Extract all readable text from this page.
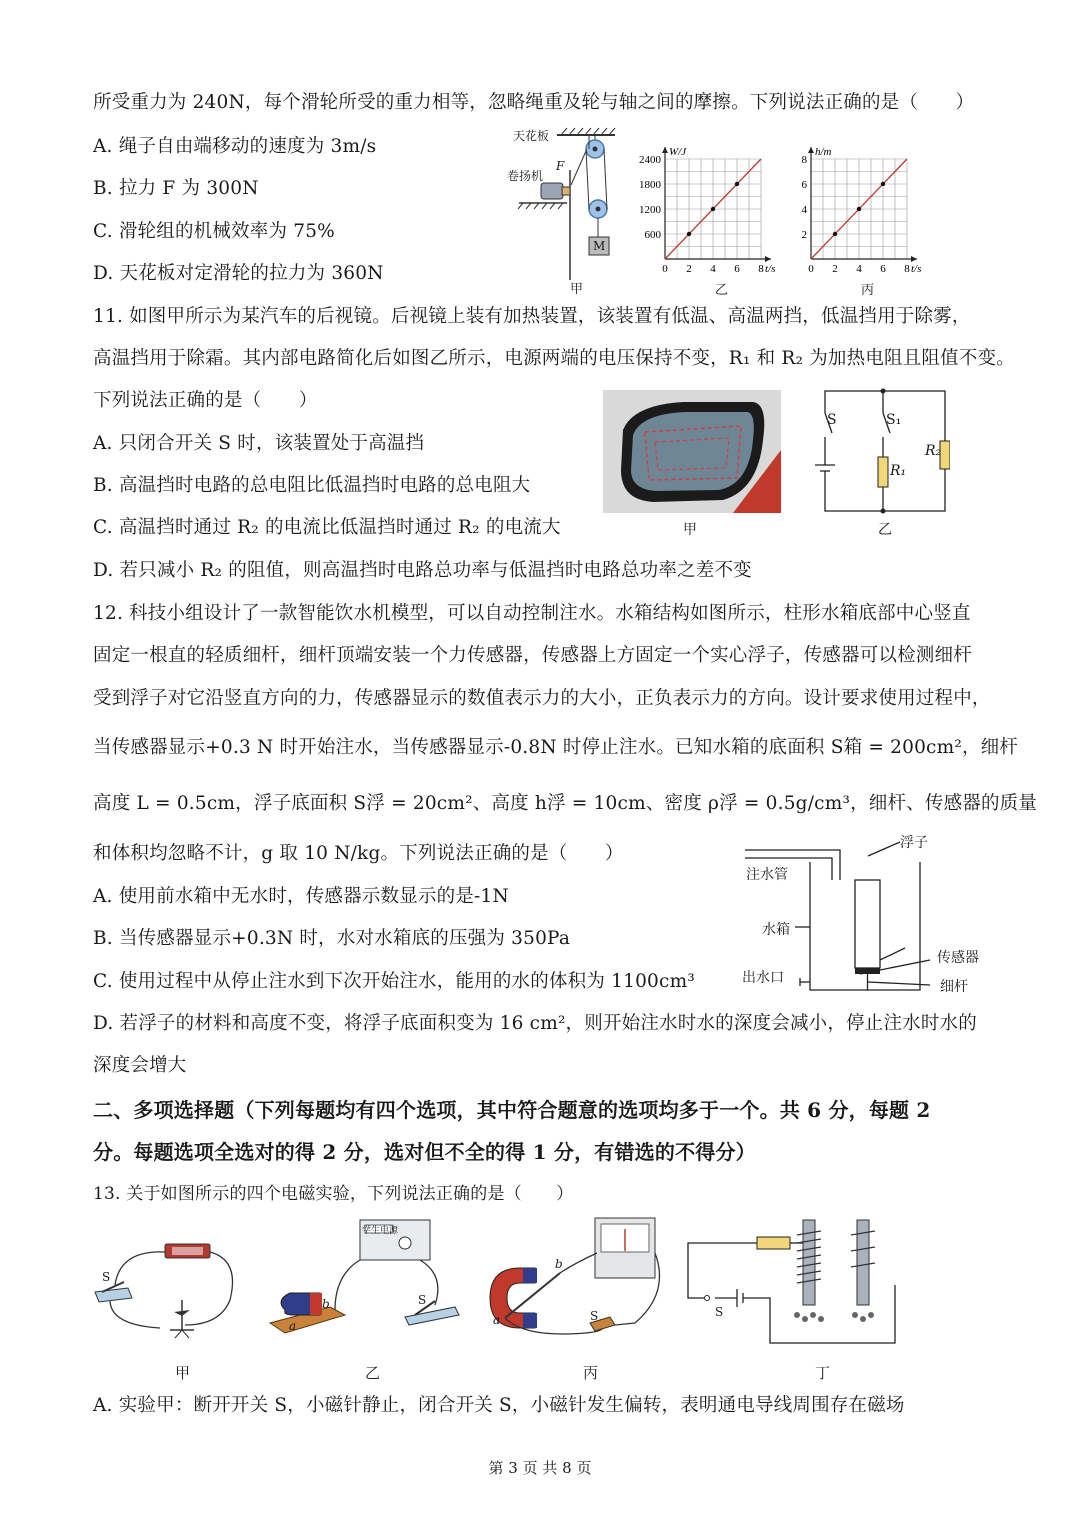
所受重力为 240N，每个滑轮所受的重力相等，忽略绳重及轮与轴之间的摩擦。下列说法正确的是（　　）
A. 绳子自由端移动的速度为 3m/s
B. 拉力 F 为 300N
C. 滑轮组的机械效率为 75%
D. 天花板对定滑轮的拉力为 360N
天花板
卷扬机
F
M
甲
0 2 4 6 8
600
1200
1800
2400
W/J
t/s
乙
0 2 4 6 8
2
4
6
8
h/m
t/s
丙
11. 如图甲所示为某汽车的后视镜。后视镜上装有加热装置，该装置有低温、高温两挡，低温挡用于除雾，
高温挡用于除霜。其内部电路简化后如图乙所示，电源两端的电压保持不变，R₁ 和 R₂ 为加热电阻且阻值不变。
下列说法正确的是（　　）
A. 只闭合开关 S 时，该装置处于高温挡
B. 高温挡时电路的总电阻比低温挡时电路的总电阻大
C. 高温挡时通过 R₂ 的电流比低温挡时通过 R₂ 的电流大
D. 若只减小 R₂ 的阻值，则高温挡时电路总功率与低温挡时电路总功率之差不变
甲
S	S₁
R₁
R₂
乙
12. 科技小组设计了一款智能饮水机模型，可以自动控制注水。水箱结构如图所示，柱形水箱底部中心竖直
固定一根直的轻质细杆，细杆顶端安装一个力传感器，传感器上方固定一个实心浮子，传感器可以检测细杆
受到浮子对它沿竖直方向的力，传感器显示的数值表示力的大小，正负表示力的方向。设计要求使用过程中，
当传感器显示+0.3 N 时开始注水，当传感器显示-0.8N 时停止注水。已知水箱的底面积 S箱 = 200cm²，细杆
高度 L = 0.5cm，浮子底面积 S浮 = 20cm²、高度 h浮 = 10cm、密度 ρ浮 = 0.5g/cm³，细杆、传感器的质量
和体积均忽略不计，g 取 10 N/kg。下列说法正确的是（　　）
A. 使用前水箱中无水时，传感器示数显示的是-1N
B. 当传感器显示+0.3N 时，水对水箱底的压强为 350Pa
C. 使用过程中从停止注水到下次开始注水，能用的水的体积为 1100cm³
D. 若浮子的材料和高度不变，将浮子底面积变为 16 cm²，则开始注水时水的深度会减小，停止注水时水的
深度会增大
浮子
注水管
水箱
传感器
出水口
细杆
二、多项选择题（下列每题均有四个选项，其中符合题意的选项均多于一个。共 6 分，每题 2
分。每题选项全选对的得 2 分，选对但不全的得 1 分，有错选的不得分）
13. 关于如图所示的四个电磁实验，下列说法正确的是（　　）
S
学生电源
b
a
S
b
a	S	S
甲	乙	丙	丁
A. 实验甲：断开开关 S，小磁针静止，闭合开关 S，小磁针发生偏转，表明通电导线周围存在磁场
第 3 页 共 8 页
